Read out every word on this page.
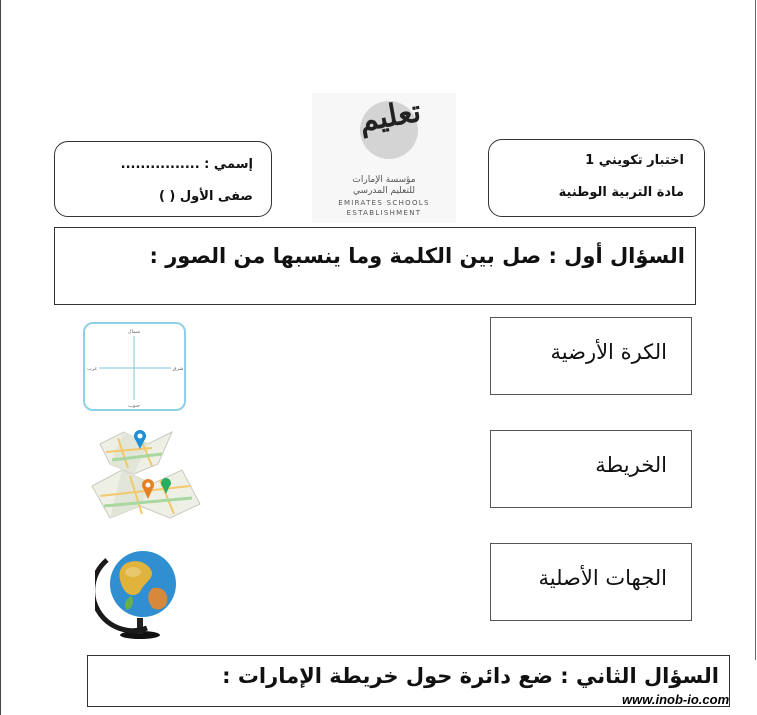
اختبار تكويني 1
مادة التربية الوطنية
تعليم
مؤسسة الإمارات
للتعليم المدرسي
EMIRATES SCHOOLS
ESTABLISHMENT
إسمي : ................
صفى الأول ( )
السؤال أول : صل بين الكلمة وما ينسبها من الصور :
الكرة الأرضية
الخريطة
الجهات الأصلية
شمال
جنوب
شرق
غرب
السؤال الثاني : ضع دائرة حول خريطة الإمارات :
www.inob-io.com
